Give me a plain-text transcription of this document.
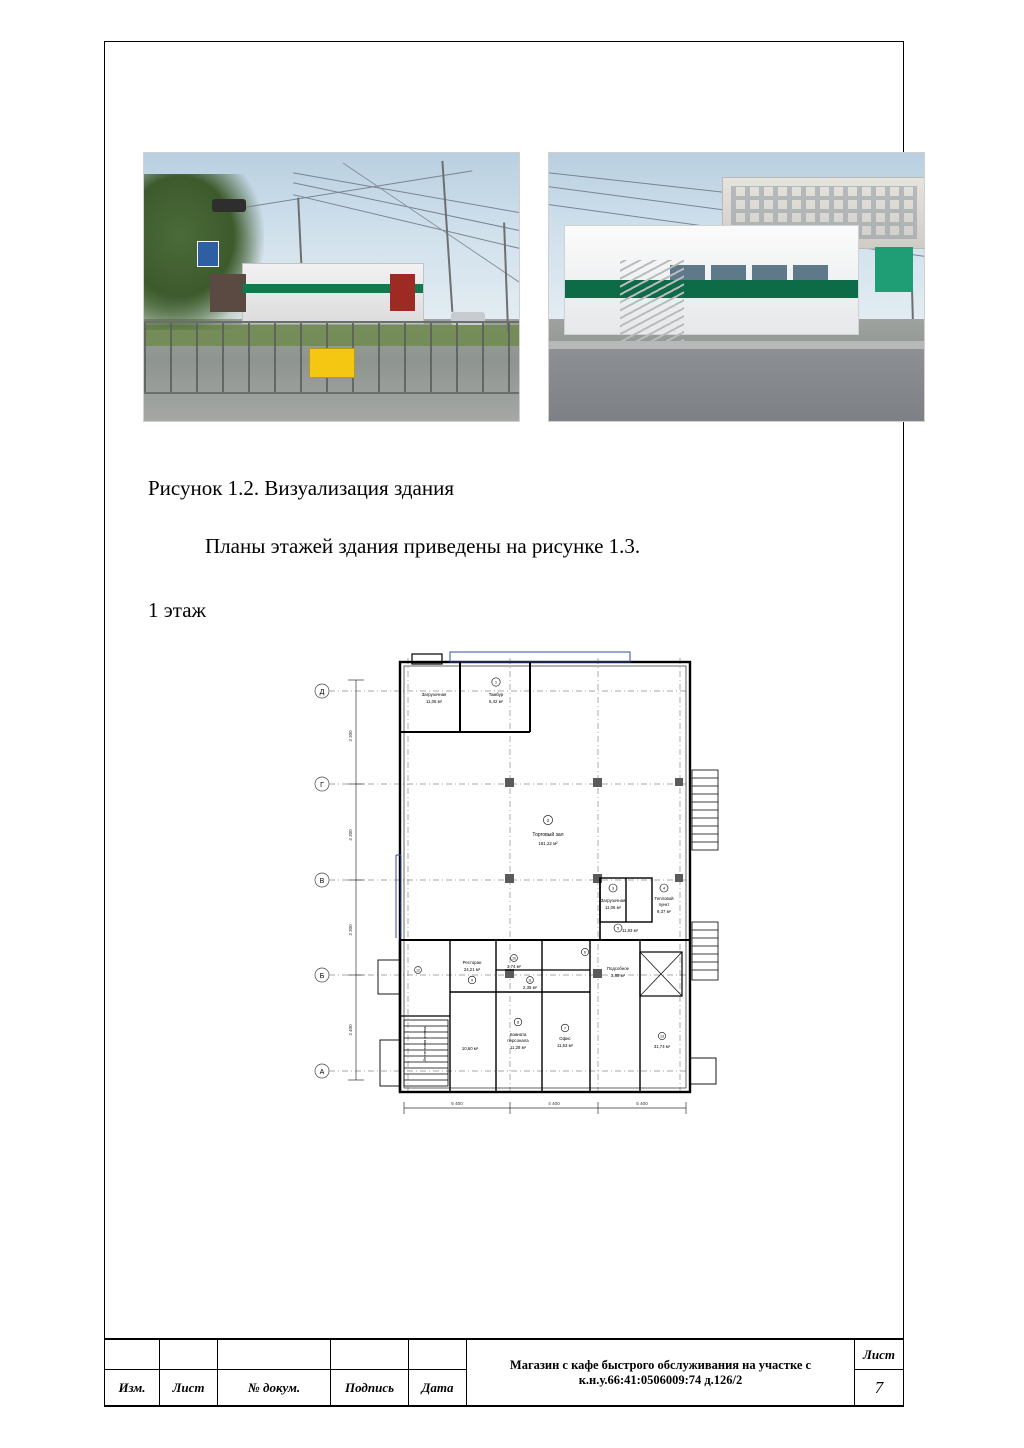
Рисунок 1.2. Визуализация здания
Планы этажей здания приведены на рисунке 1.3.
1 этаж
Д
Г
В
Б
А
3 300
4 300
3 300
3 400
5 400	4 400	5 400
1
Тамбур
5,42 м²
Загрузочная
11,06 м²
2
Торговый зал
181,22 м²
3
Загрузочная
11,06 м²
4
Тепловой
пункт
9,37 м²
5 11,83 м²
6
Подсобное
3,88 м²
7
Офис
11,63 м²
8
Комната
персонала
11,28 м²
9
Ресторан
24,21 м²
10
3,74 м²
11
2,35 м²
Лестничная клетка	10,60 м²
12
13
31,74 м²
					Магазин с кафе быстрого обслуживания на участке с к.н.у.66:41:0506009:74 д.126/2	Лист
Изм.	Лист	№ докум.	Подпись	Дата		7
